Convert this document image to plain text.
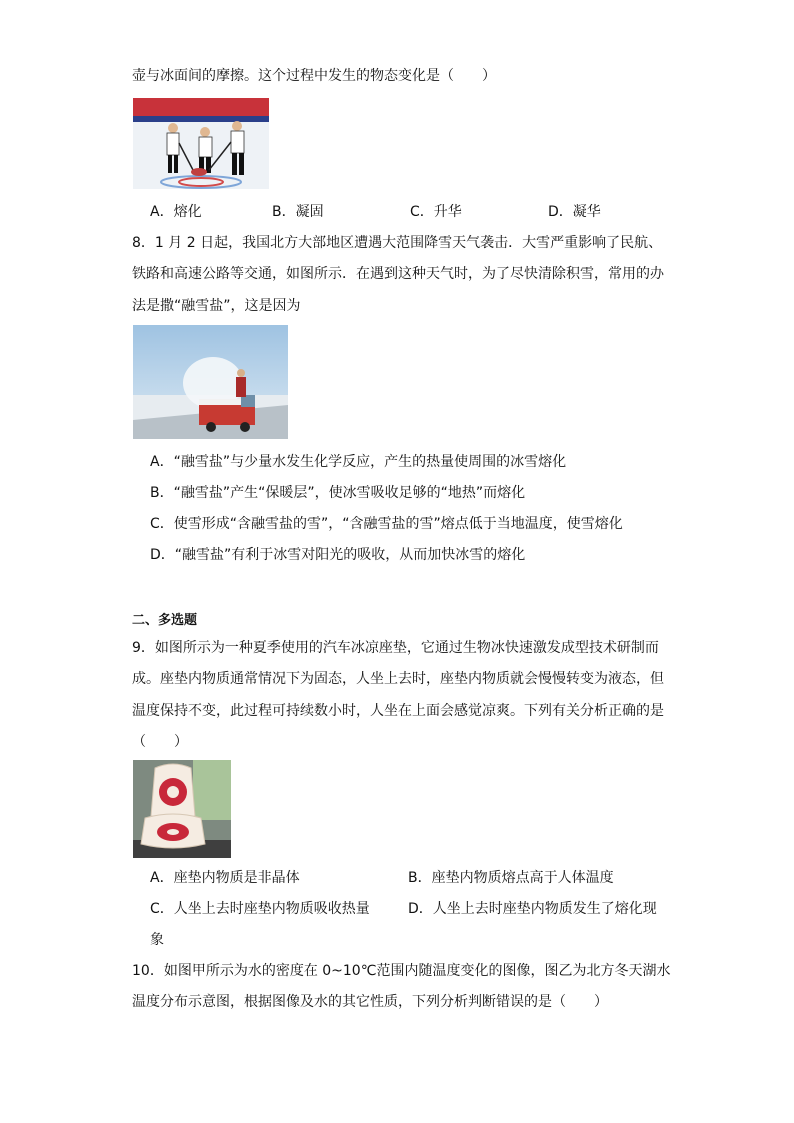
壶与冰面间的摩擦。这个过程中发生的物态变化是（　　）
A．熔化	B．凝固	C．升华	D．凝华
8．1 月 2 日起，我国北方大部地区遭遇大范围降雪天气袭击．大雪严重影响了民航、
铁路和高速公路等交通，如图所示．在遇到这种天气时，为了尽快清除积雪，常用的办
法是撒“融雪盐”，这是因为
A．“融雪盐”与少量水发生化学反应，产生的热量使周围的冰雪熔化
B．“融雪盐”产生“保暖层”，使冰雪吸收足够的“地热”而熔化
C．使雪形成“含融雪盐的雪”，“含融雪盐的雪”熔点低于当地温度，使雪熔化
D．“融雪盐”有利于冰雪对阳光的吸收，从而加快冰雪的熔化
二、多选题
9．如图所示为一种夏季使用的汽车冰凉座垫，它通过生物冰快速激发成型技术研制而
成。座垫内物质通常情况下为固态，人坐上去时，座垫内物质就会慢慢转变为液态，但
温度保持不变，此过程可持续数小时，人坐在上面会感觉凉爽。下列有关分析正确的是
（　　）
A．座垫内物质是非晶体	B．座垫内物质熔点高于人体温度
C．人坐上去时座垫内物质吸收热量	D．人坐上去时座垫内物质发生了熔化现
象
10．如图甲所示为水的密度在 0~10℃范围内随温度变化的图像，图乙为北方冬天湖水
温度分布示意图，根据图像及水的其它性质，下列分析判断错误的是（　　）
